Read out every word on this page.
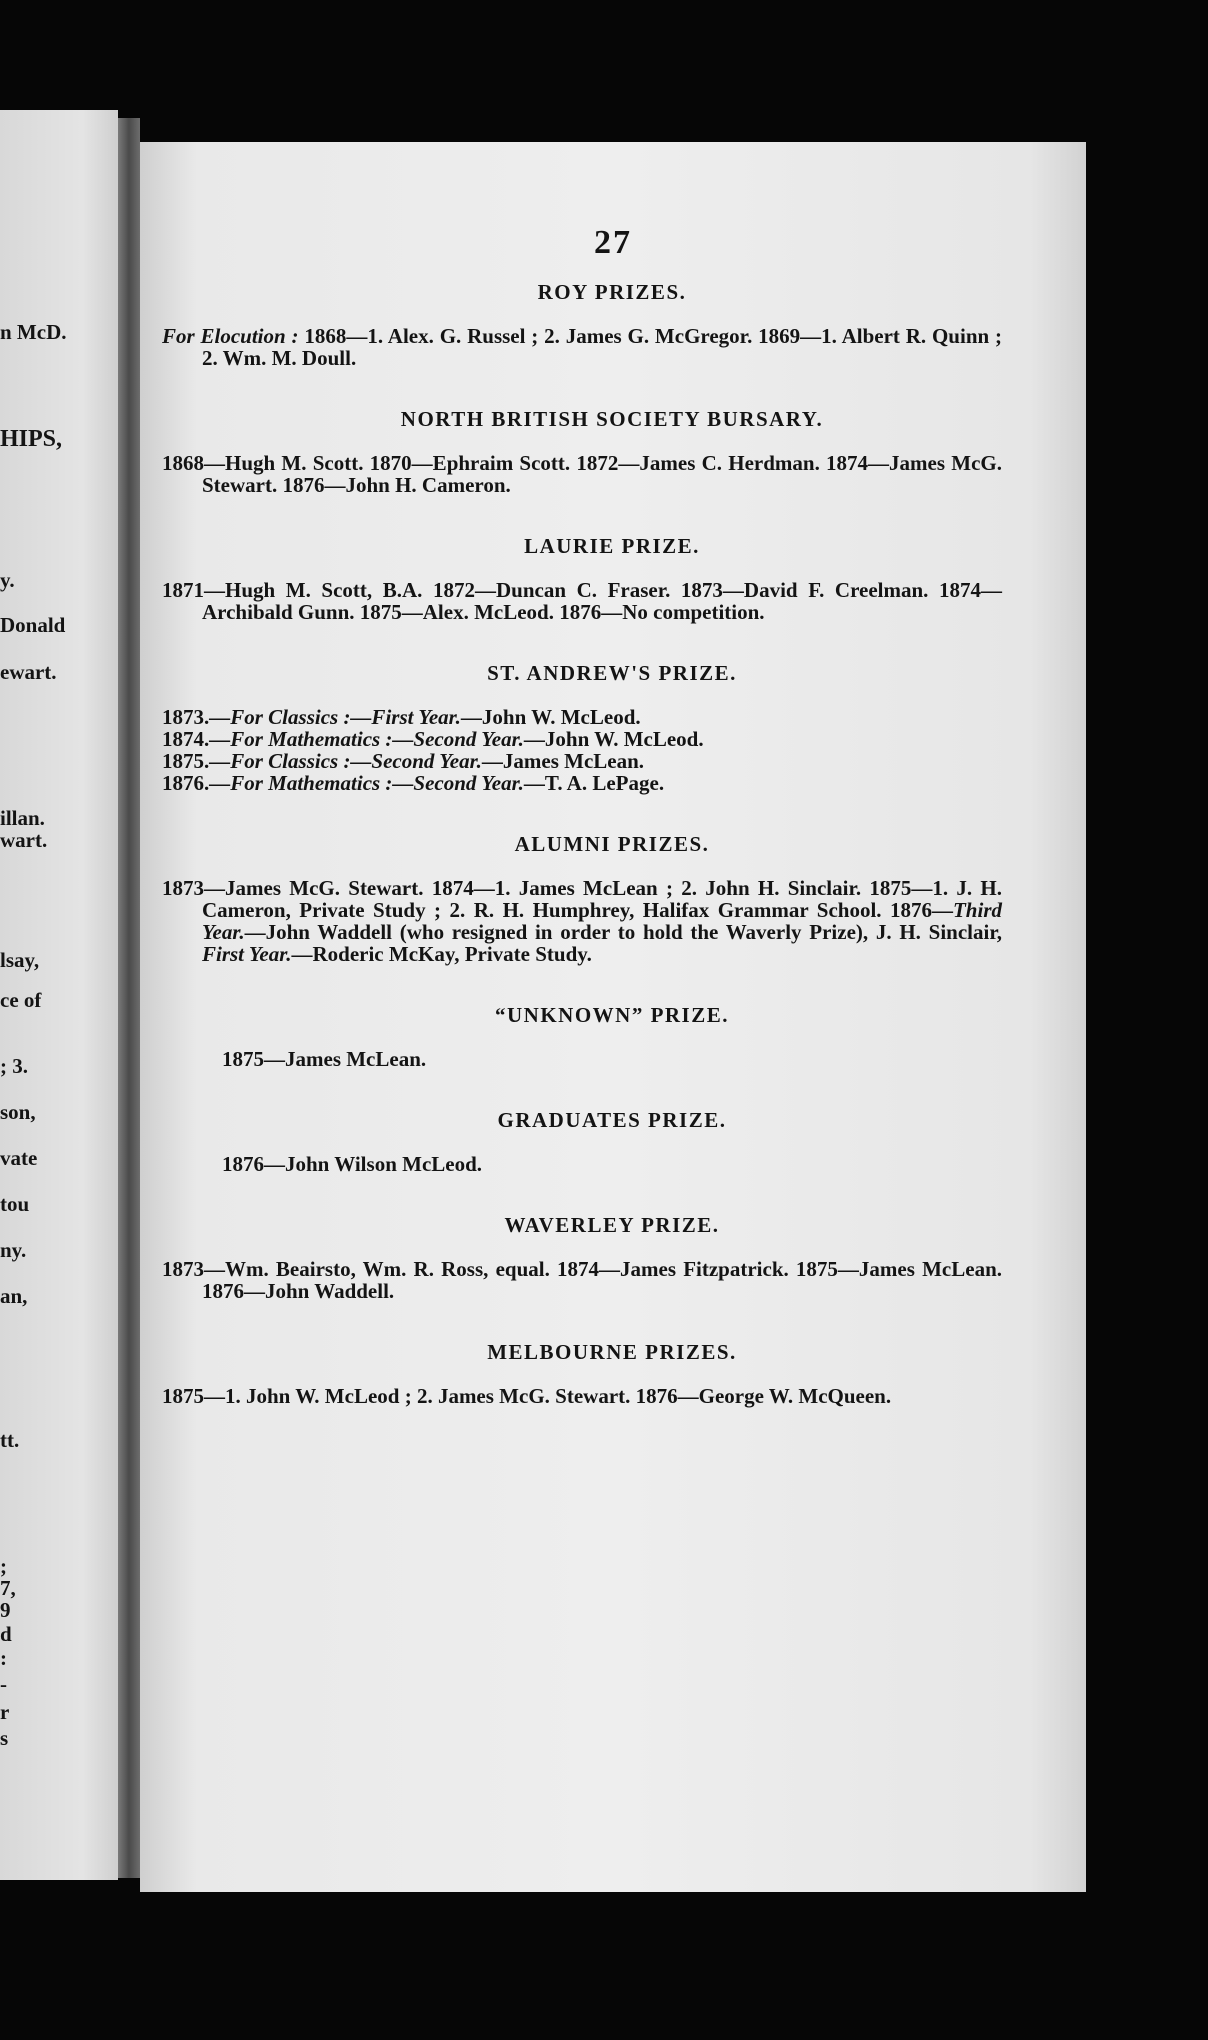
n McD.
HIPS,
y.
Donald
ewart.
illan.
wart.
lsay,
ce of
; 3.
son,
vate
tou
ny.
an,
tt.
;
7,
9
d
:
-
r
s
27
ROY PRIZES.

For Elocution : 1868—1. Alex. G. Russel ; 2. James G. McGregor. 1869—1. Albert R. Quinn ; 2. Wm. M. Doull.

NORTH BRITISH SOCIETY BURSARY.

1868—Hugh M. Scott. 1870—Ephraim Scott. 1872—James C. Herdman. 1874—James McG. Stewart. 1876—John H. Cameron.

LAURIE PRIZE.

1871—Hugh M. Scott, B.A. 1872—Duncan C. Fraser. 1873—David F. Creelman. 1874—Archibald Gunn. 1875—Alex. McLeod. 1876—No competition.

ST. ANDREW'S PRIZE.

1873.—For Classics :—First Year.—John W. McLeod.

1874.—For Mathematics :—Second Year.—John W. McLeod.

1875.—For Classics :—Second Year.—James McLean.

1876.—For Mathematics :—Second Year.—T. A. LePage.

ALUMNI PRIZES.

1873—James McG. Stewart. 1874—1. James McLean ; 2. John H. Sinclair. 1875—1. J. H. Cameron, Private Study ; 2. R. H. Humphrey, Halifax Grammar School. 1876—Third Year.—John Waddell (who resigned in order to hold the Waverly Prize), J. H. Sinclair, First Year.—Roderic McKay, Private Study.

“UNKNOWN” PRIZE.

1875—James McLean.

GRADUATES PRIZE.

1876—John Wilson McLeod.

WAVERLEY PRIZE.

1873—Wm. Beairsto, Wm. R. Ross, equal. 1874—James Fitzpatrick. 1875—James McLean. 1876—John Waddell.

MELBOURNE PRIZES.

1875—1. John W. McLeod ; 2. James McG. Stewart. 1876—George W. McQueen.
